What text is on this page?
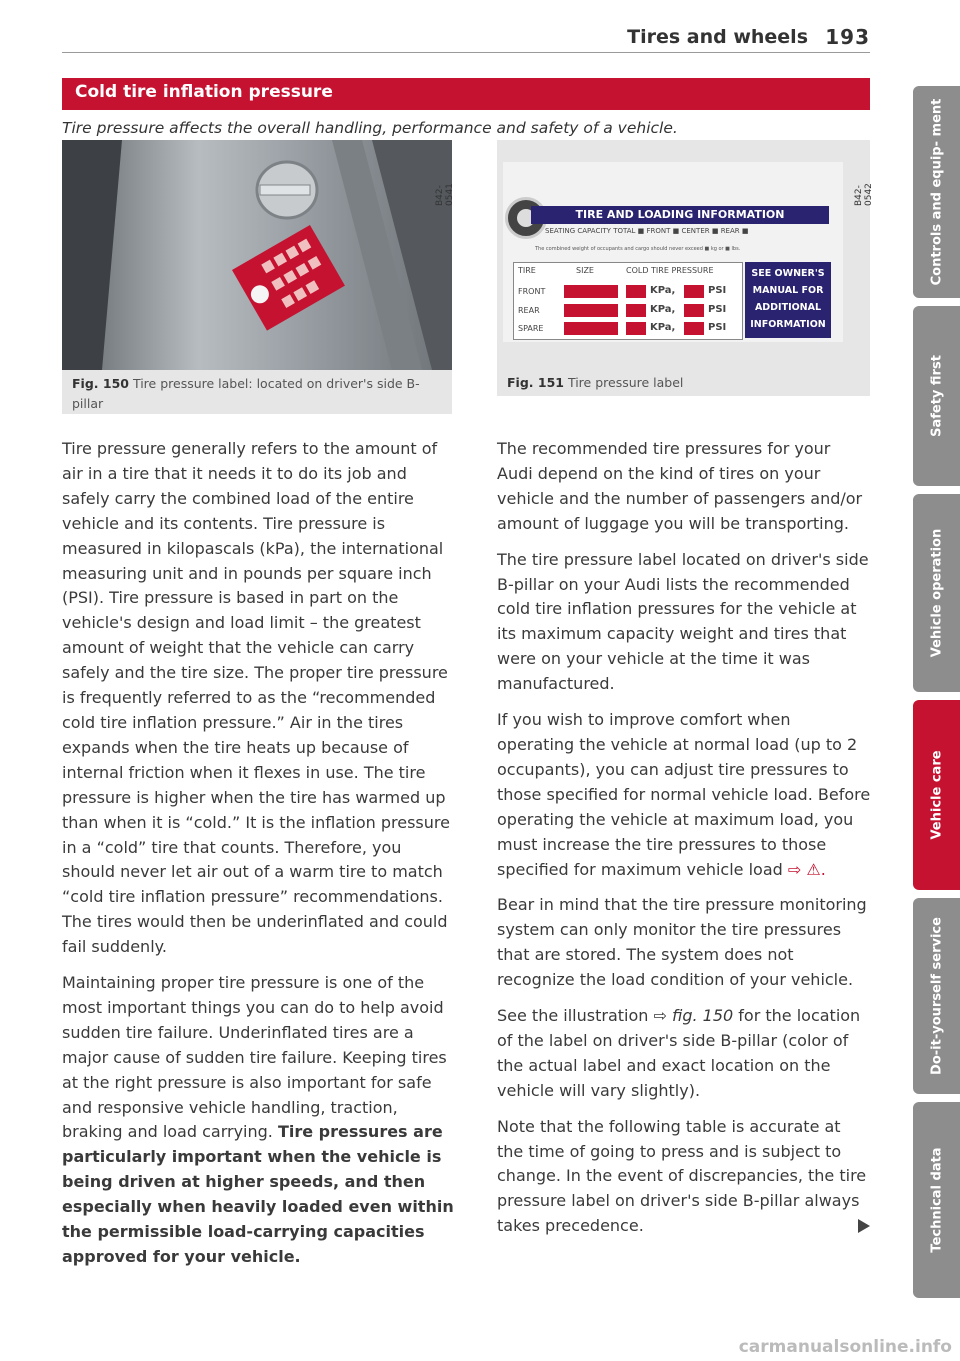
Tires and wheels 193
Cold tire inflation pressure
Tire pressure affects the overall handling, performance and safety of a vehicle.
B42-0541
Fig. 150 Tire pressure label: located on driver's side B-pillar
TIRE AND LOADING INFORMATION
SEATING CAPACITY TOTAL ■ FRONT ■ CENTER ■ REAR ■
The combined weight of occupants and cargo should never exceed ■ kg or ■ lbs.
TIRE	SIZE	COLD TIRE PRESSURE
FRONT
REAR
SPARE
KPa,
KPa,
KPa,
PSI
PSI
PSI
SEE OWNER'S
MANUAL FOR
ADDITIONAL
INFORMATION
B42-0542
Fig. 151 Tire pressure label

Tire pressure generally refers to the amount of air in a tire that it needs it to do its job and safely carry the combined load of the entire vehicle and its contents. Tire pressure is measured in kilopascals (kPa), the international measuring unit and in pounds per square inch (PSI). Tire pressure is based in part on the vehicle's design and load limit – the greatest amount of weight that the vehicle can carry safely and the tire size. The proper tire pressure is frequently referred to as the “recommended cold tire inflation pressure.” Air in the tires expands when the tire heats up because of internal friction when it flexes in use. The tire pressure is higher when the tire has warmed up than when it is “cold.” It is the inflation pressure in a “cold” tire that counts. Therefore, you should never let air out of a warm tire to match “cold tire inflation pressure” recommendations. The tires would then be underinflated and could fail suddenly.

Maintaining proper tire pressure is one of the most important things you can do to help avoid sudden tire failure. Underinflated tires are a major cause of sudden tire failure. Keeping tires at the right pressure is also important for safe and responsive vehicle handling, traction, braking and load carrying. Tire pressures are particularly important when the vehicle is being driven at higher speeds, and then especially when heavily loaded even within the permissible load-carrying capacities approved for your vehicle.

The recommended tire pressures for your Audi depend on the kind of tires on your vehicle and the number of passengers and/or amount of luggage you will be transporting.

The tire pressure label located on driver's side B-pillar on your Audi lists the recommended cold tire inflation pressures for the vehicle at its maximum capacity weight and tires that were on your vehicle at the time it was manufactured.

If you wish to improve comfort when operating the vehicle at normal load (up to 2 occupants), you can adjust tire pressures to those specified for normal vehicle load. Before operating the vehicle at maximum load, you must increase the tire pressures to those specified for maximum vehicle load ⇨ ⚠.

Bear in mind that the tire pressure monitoring system can only monitor the tire pressures that are stored. The system does not recognize the load condition of your vehicle.

See the illustration ⇨ fig. 150 for the location of the label on driver's side B-pillar (color of the actual label and exact location on the vehicle will vary slightly).

Note that the following table is accurate at the time of going to press and is subject to change. In the event of discrepancies, the tire pressure label on driver's side B-pillar always takes precedence.

Controls and equip- ment
Safety first
Vehicle operation
Vehicle care
Do-it-yourself service
Technical data
carmanualsonline.info
